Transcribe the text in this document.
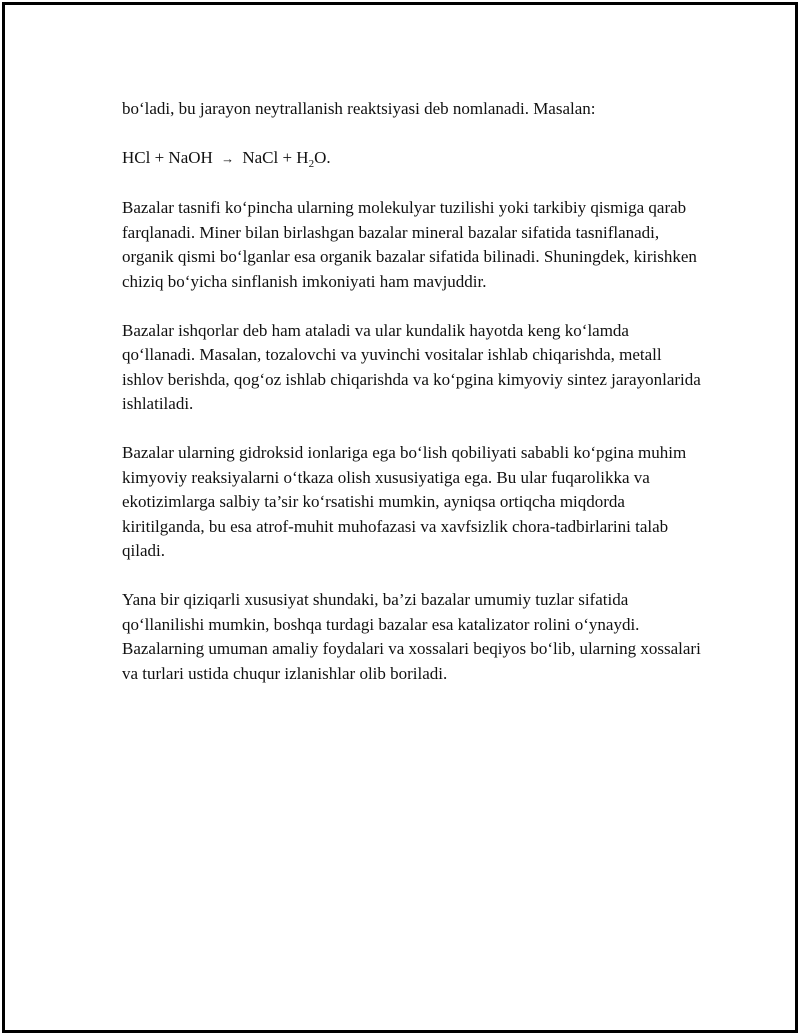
bo‘ladi, bu jarayon neytrallanish reaktsiyasi deb nomlanadi. Masalan:

HCl + NaOH → NaCl + $H_2O$.

Bazalar tasnifi ko‘pincha ularning molekulyar tuzilishi yoki tarkibiy qismiga qarab farqlanadi. Miner bilan birlashgan bazalar mineral bazalar sifatida tasniflanadi, organik qismi bo‘lganlar esa organik bazalar sifatida bilinadi. Shuningdek, kirishken chiziq bo‘yicha sinflanish imkoniyati ham mavjuddir.

Bazalar ishqorlar deb ham ataladi va ular kundalik hayotda keng ko‘lamda qo‘llanadi. Masalan, tozalovchi va yuvinchi vositalar ishlab chiqarishda, metall ishlov berishda, qog‘oz ishlab chiqarishda va ko‘pgina kimyoviy sintez jarayonlarida ishlatiladi.

Bazalar ularning gidroksid ionlariga ega bo‘lish qobiliyati sababli ko‘pgina muhim kimyoviy reaksiyalarni o‘tkaza olish xususiyatiga ega. Bu ular fuqarolikka va ekotizimlarga salbiy ta’sir ko‘rsatishi mumkin, ayniqsa ortiqcha miqdorda kiritilganda, bu esa atrof-muhit muhofazasi va xavfsizlik chora-tadbirlarini talab qiladi.

Yana bir qiziqarli xususiyat shundaki, ba’zi bazalar umumiy tuzlar sifatida qo‘llanilishi mumkin, boshqa turdagi bazalar esa katalizator rolini o‘ynaydi. Bazalarning umuman amaliy foydalari va xossalari beqiyos bo‘lib, ularning xossalari va turlari ustida chuqur izlanishlar olib boriladi.
